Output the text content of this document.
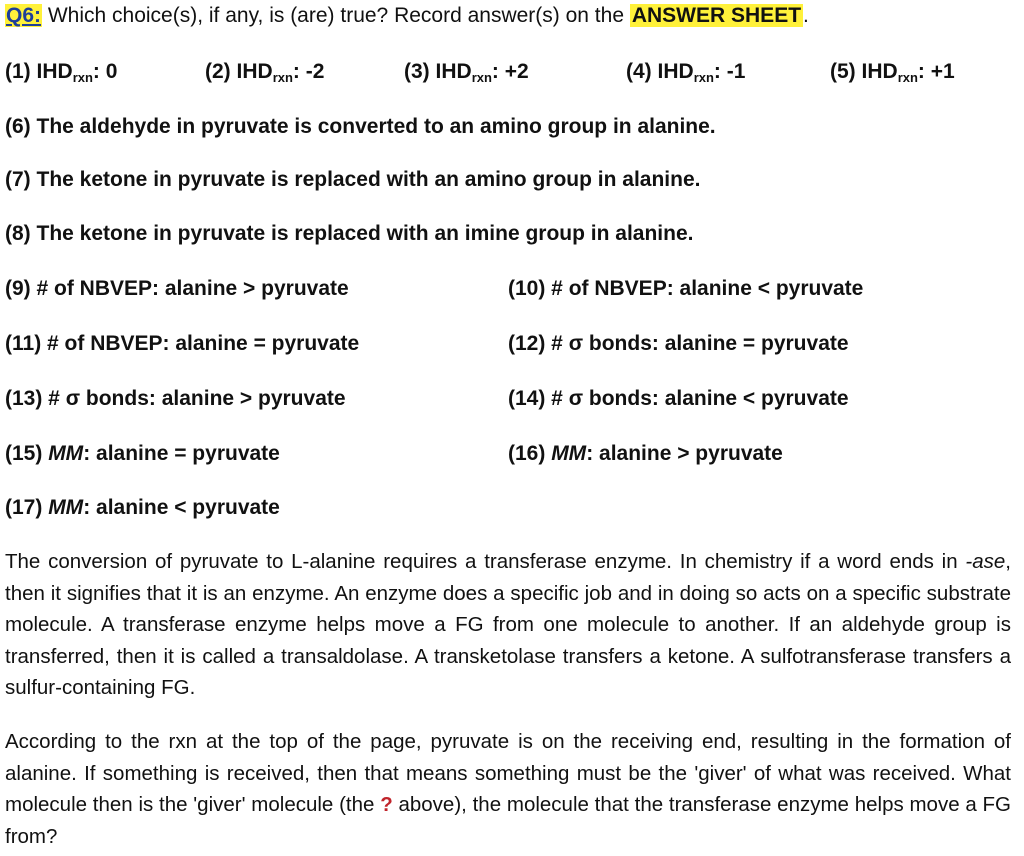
Q6: Which choice(s), if any, is (are) true? Record answer(s) on the ANSWER SHEET.
(1) $IHD_{rxn}$: 0	(2) $IHD_{rxn}$: -2	(3) $IHD_{rxn}$: +2	(4) $IHD_{rxn}$: -1	(5) $IHD_{rxn}$: +1
(6) The aldehyde in pyruvate is converted to an amino group in alanine.
(7) The ketone in pyruvate is replaced with an amino group in alanine.
(8) The ketone in pyruvate is replaced with an imine group in alanine.
(9) # of NBVEP: alanine > pyruvate	(10) # of NBVEP: alanine < pyruvate
(11) # of NBVEP: alanine = pyruvate	(12) # σ bonds: alanine = pyruvate
(13) # σ bonds: alanine > pyruvate	(14) # σ bonds: alanine < pyruvate
(15) MM: alanine = pyruvate	(16) MM: alanine > pyruvate
(17) MM: alanine < pyruvate

The conversion of pyruvate to L-alanine requires a transferase enzyme. In chemistry if a word ends in -ase, then it signifies that it is an enzyme. An enzyme does a specific job and in doing so acts on a specific substrate molecule. A transferase enzyme helps move a FG from one molecule to another. If an aldehyde group is transferred, then it is called a transaldolase. A transketolase transfers a ketone. A sulfotransferase transfers a sulfur-containing FG.

According to the rxn at the top of the page, pyruvate is on the receiving end, resulting in the formation of alanine. If something is received, then that means something must be the 'giver' of what was received. What molecule then is the 'giver' molecule (the ? above), the molecule that the transferase enzyme helps move a FG from?
